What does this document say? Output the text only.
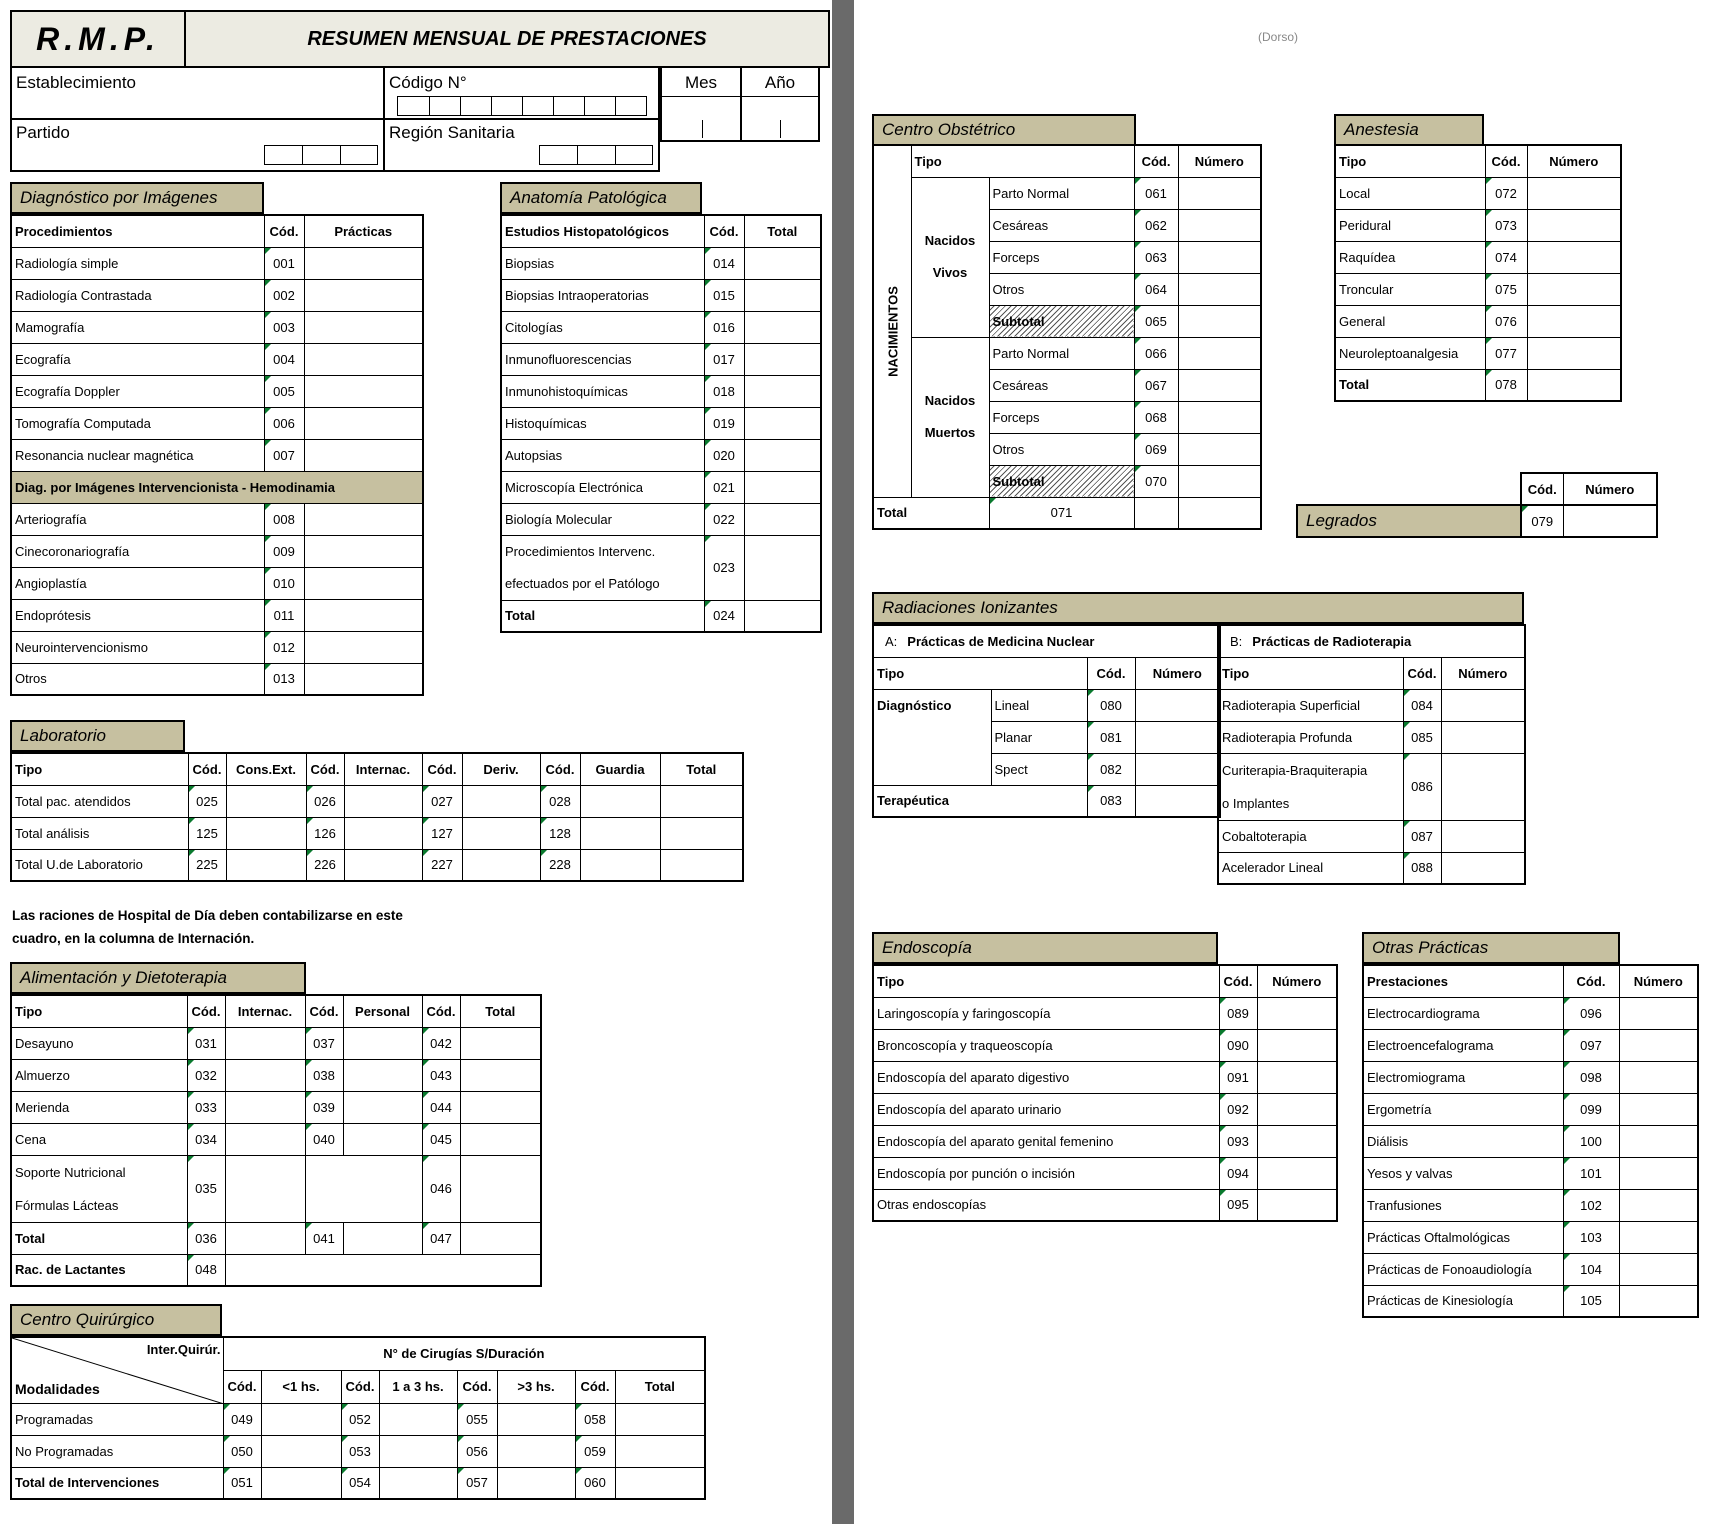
R.M.P.	RESUMEN MENSUAL DE PRESTACIONES
Establecimiento	Código N°
Partido	Región Sanitaria
Mes	Año
Diagnóstico por Imágenes
Procedimientos	Cód.	Prácticas
Radiología simple	001	
Radiología Contrastada	002	
Mamografía	003	
Ecografía	004	
Ecografía Doppler	005	
Tomografía Computada	006	
Resonancia nuclear magnética	007	
Diag. por Imágenes Intervencionista - Hemodinamia		
Arteriografía	008	
Cinecoronariografía	009	
Angioplastía	010	
Endoprótesis	011	
Neurointervencionismo	012	
Otros	013	
Anatomía Patológica
Estudios Histopatológicos	Cód.	Total
Biopsias	014	
Biopsias Intraoperatorias	015	
Citologías	016	
Inmunofluorescencias	017	
Inmunohistoquímicas	018	
Histoquímicas	019	
Autopsias	020	
Microscopía Electrónica	021	
Biología Molecular	022	

Procedimientos Intervenc.
efectuados por el Patólogo	023	
Total	024	
Laboratorio
Tipo	Cód.	Cons.Ext.	Cód.	Internac.	Cód.	Deriv.	Cód.	Guardia	Total
Total pac. atendidos	025		026		027		028		
Total análisis	125		126		127		128		
Total U.de Laboratorio	225		226		227		228		
Las raciones de Hospital de Día deben contabilizarse en este
cuadro, en la columna de Internación.
Alimentación y Dietoterapia
Tipo	Cód.	Internac.	Cód.	Personal	Cód.	Total
Desayuno	031		037		042	
Almuerzo	032		038		043	
Merienda	033		039		044	
Cena	034		040		045	

Soporte Nutricional
Fórmulas Lácteas	035				046	
Total	036		041		047	
Rac. de Lactantes	048					
Centro Quirúrgico
Inter.Quirúr.
Modalidades	N° de Cirugías S/Duración							
	Cód.	<1 hs.	Cód.	1 a 3 hs.	Cód.	>3 hs.	Cód.	Total
Programadas	049		052		055		058	
No Programadas	050		053		056		059	
Total de Intervenciones	051		054		057		060	
(Dorso)
Centro Obstétrico
NACIMIENTOS	Tipo		Cód.	Número

	Nacidos
Vivos	Parto Normal	061	
		Cesáreas	062	
		Forceps	063	
		Otros	064	
		Subtotal	065	

	Nacidos
Muertos	Parto Normal	066	
		Cesáreas	067	
		Forceps	068	
		Otros	069	
		Subtotal	070	
Total		071		
Anestesia
Tipo	Cód.	Número
Local	072	
Peridural	073	
Raquídea	074	
Troncular	075	
General	076	
Neuroleptoanalgesia	077	
Total	078	
Cód.	Número
Legrados	079	
Radiaciones Ionizantes
A: Prácticas de Medicina Nuclear			
Tipo		Cód.	Número
Diagnóstico	Lineal	080	
	Planar	081	
	Spect	082	
Terapéutica		083	
B: Prácticas de Radioterapia		
Tipo	Cód.	Número
Radioterapia Superficial	084	
Radioterapia Profunda	085	

Curiterapia-Braquiterapia
o Implantes	086	
Cobaltoterapia	087	
Acelerador Lineal	088	
Endoscopía
Tipo	Cód.	Número
Laringoscopía y faringoscopía	089	
Broncoscopía y traqueoscopía	090	
Endoscopía del aparato digestivo	091	
Endoscopía del aparato urinario	092	
Endoscopía del aparato genital femenino	093	
Endoscopía por punción o incisión	094	
Otras endoscopías	095	
Otras Prácticas
Prestaciones	Cód.	Número
Electrocardiograma	096	
Electroencefalograma	097	
Electromiograma	098	
Ergometría	099	
Diálisis	100	
Yesos y valvas	101	
Tranfusiones	102	
Prácticas Oftalmológicas	103	
Prácticas de Fonoaudiología	104	
Prácticas de Kinesiología	105	
